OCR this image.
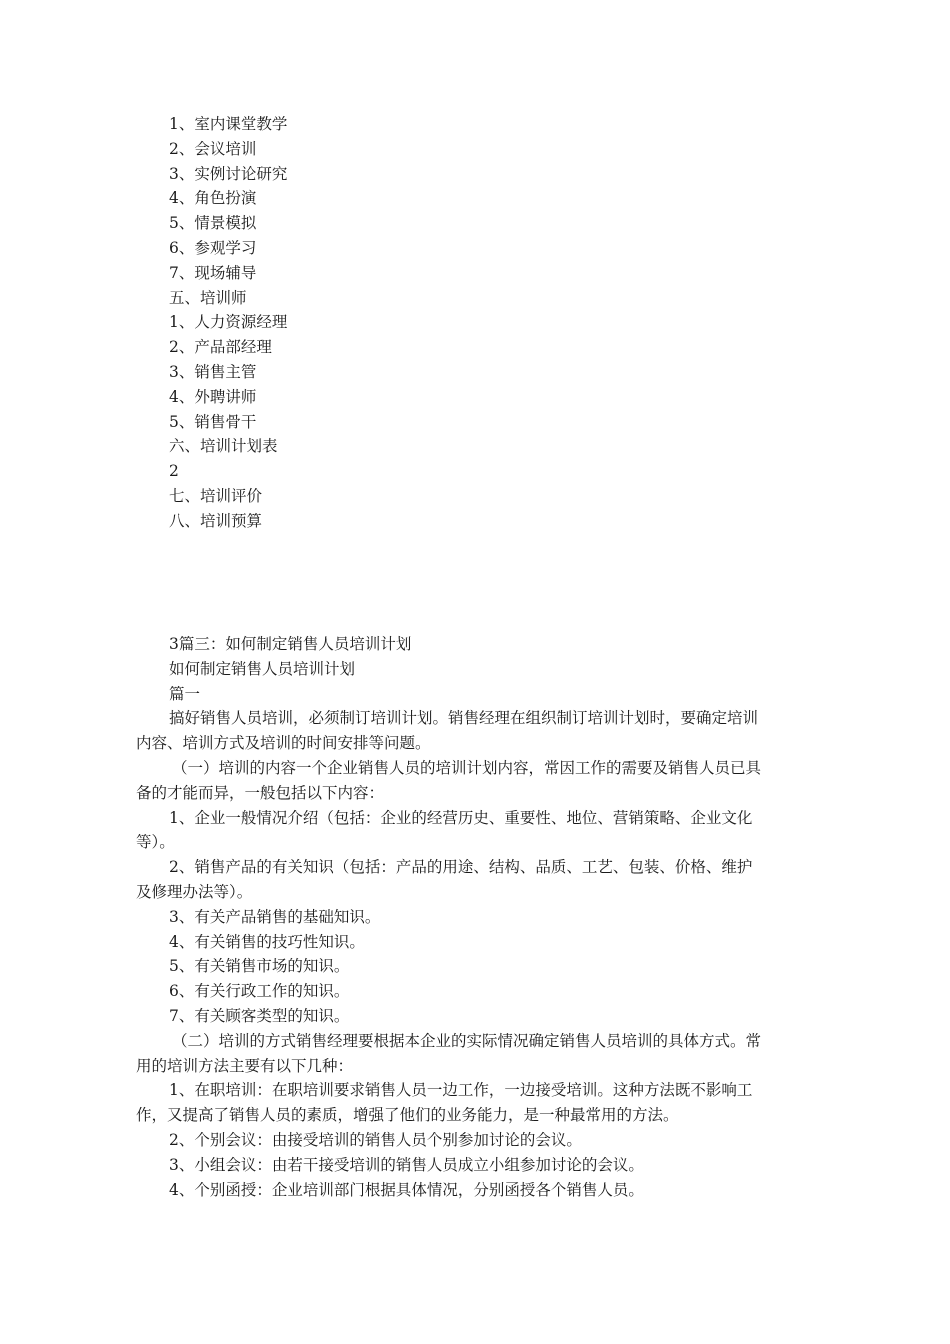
1、室内课堂教学
2、会议培训
3、实例讨论研究
4、角色扮演
5、情景模拟
6、参观学习
7、现场辅导
五、培训师
1、人力资源经理
2、产品部经理
3、销售主管
4、外聘讲师
5、销售骨干
六、培训计划表
2
七、培训评价
八、培训预算
3篇三：如何制定销售人员培训计划
如何制定销售人员培训计划
篇一
搞好销售人员培训，必须制订培训计划。销售经理在组织制订培训计划时，要确定培训
内容、培训方式及培训的时间安排等问题。
（一）培训的内容一个企业销售人员的培训计划内容，常因工作的需要及销售人员已具
备的才能而异，一般包括以下内容：
1、企业一般情况介绍（包括：企业的经营历史、重要性、地位、营销策略、企业文化
等）。
2、销售产品的有关知识（包括：产品的用途、结构、品质、工艺、包装、价格、维护
及修理办法等）。
3、有关产品销售的基础知识。
4、有关销售的技巧性知识。
5、有关销售市场的知识。
6、有关行政工作的知识。
7、有关顾客类型的知识。
（二）培训的方式销售经理要根据本企业的实际情况确定销售人员培训的具体方式。常
用的培训方法主要有以下几种：
1、在职培训：在职培训要求销售人员一边工作，一边接受培训。这种方法既不影响工
作，又提高了销售人员的素质，增强了他们的业务能力，是一种最常用的方法。
2、个别会议：由接受培训的销售人员个别参加讨论的会议。
3、小组会议：由若干接受培训的销售人员成立小组参加讨论的会议。
4、个别函授：企业培训部门根据具体情况，分别函授各个销售人员。
